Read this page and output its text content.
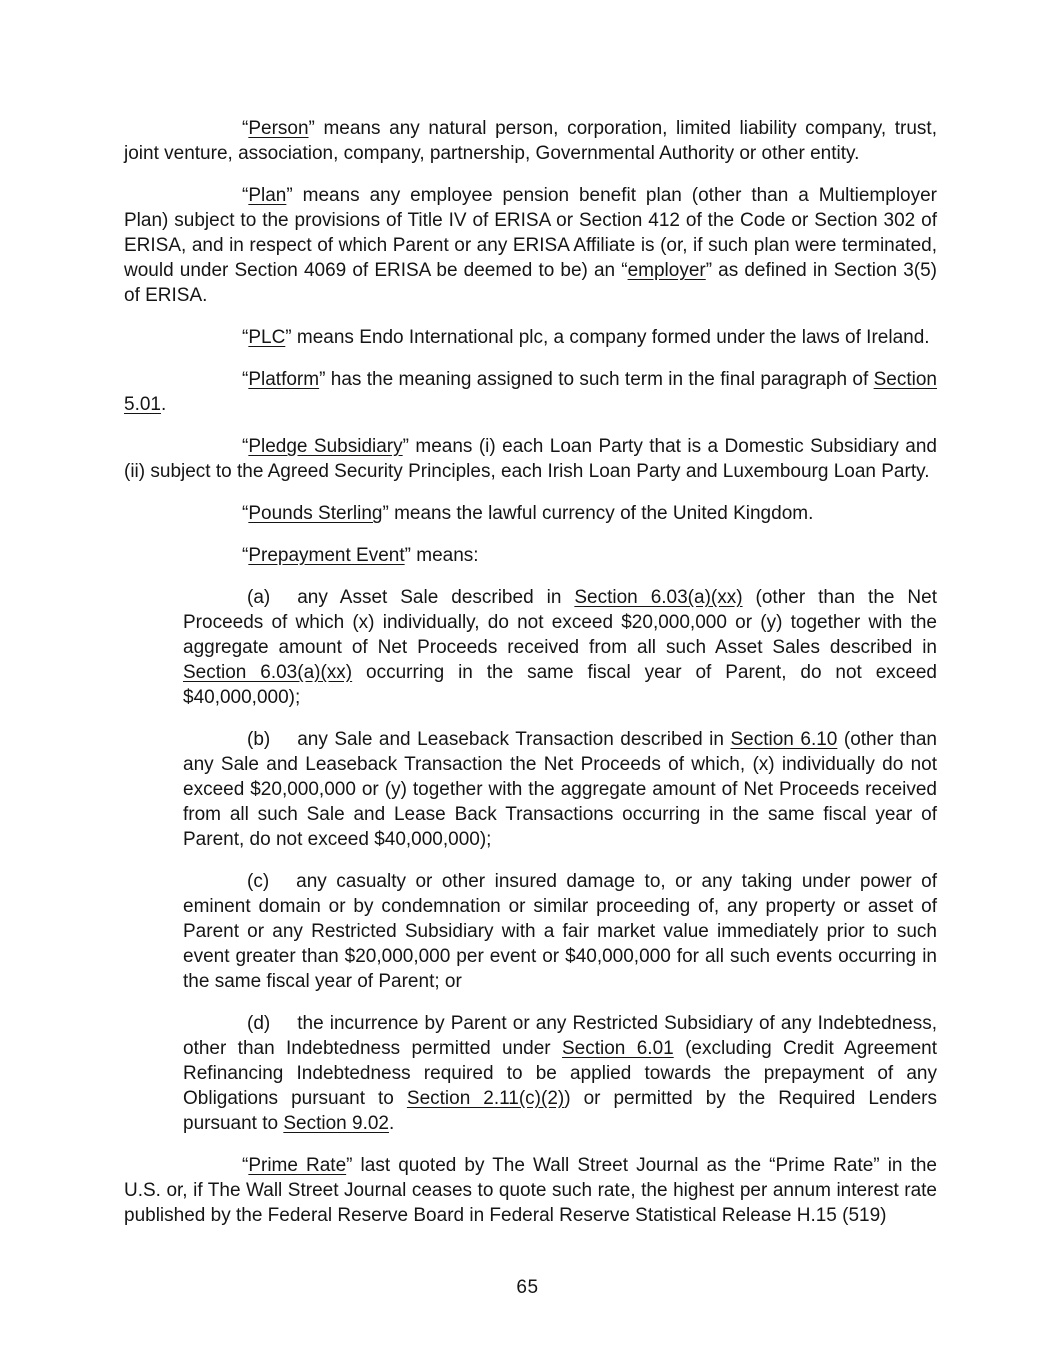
“Person” means any natural person, corporation, limited liability company, trust, joint venture, association, company, partnership, Governmental Authority or other entity.

“Plan” means any employee pension benefit plan (other than a Multiemployer Plan) subject to the provisions of Title IV of ERISA or Section 412 of the Code or Section 302 of ERISA, and in respect of which Parent or any ERISA Affiliate is (or, if such plan were terminated, would under Section 4069 of ERISA be deemed to be) an “employer” as defined in Section 3(5) of ERISA.

“PLC” means Endo International plc, a company formed under the laws of Ireland.

“Platform” has the meaning assigned to such term in the final paragraph of Section 5.01.

“Pledge Subsidiary” means (i) each Loan Party that is a Domestic Subsidiary and (ii) subject to the Agreed Security Principles, each Irish Loan Party and Luxembourg Loan Party.

“Pounds Sterling” means the lawful currency of the United Kingdom.

“Prepayment Event” means:

(a) any Asset Sale described in Section 6.03(a)(xx) (other than the Net Proceeds of which (x) individually, do not exceed $20,000,000 or (y) together with the aggregate amount of Net Proceeds received from all such Asset Sales described in Section 6.03(a)(xx) occurring in the same fiscal year of Parent, do not exceed $40,000,000);

(b) any Sale and Leaseback Transaction described in Section 6.10 (other than any Sale and Leaseback Transaction the Net Proceeds of which, (x) individually do not exceed $20,000,000 or (y) together with the aggregate amount of Net Proceeds received from all such Sale and Lease Back Transactions occurring in the same fiscal year of Parent, do not exceed $40,000,000);

(c) any casualty or other insured damage to, or any taking under power of eminent domain or by condemnation or similar proceeding of, any property or asset of Parent or any Restricted Subsidiary with a fair market value immediately prior to such event greater than $20,000,000 per event or $40,000,000 for all such events occurring in the same fiscal year of Parent; or

(d) the incurrence by Parent or any Restricted Subsidiary of any Indebtedness, other than Indebtedness permitted under Section 6.01 (excluding Credit Agreement Refinancing Indebtedness required to be applied towards the prepayment of any Obligations pursuant to Section 2.11(c)(2)) or permitted by the Required Lenders pursuant to Section 9.02.

“Prime Rate” last quoted by The Wall Street Journal as the “Prime Rate” in the U.S. or, if The Wall Street Journal ceases to quote such rate, the highest per annum interest rate published by the Federal Reserve Board in Federal Reserve Statistical Release H.15 (519)

65
